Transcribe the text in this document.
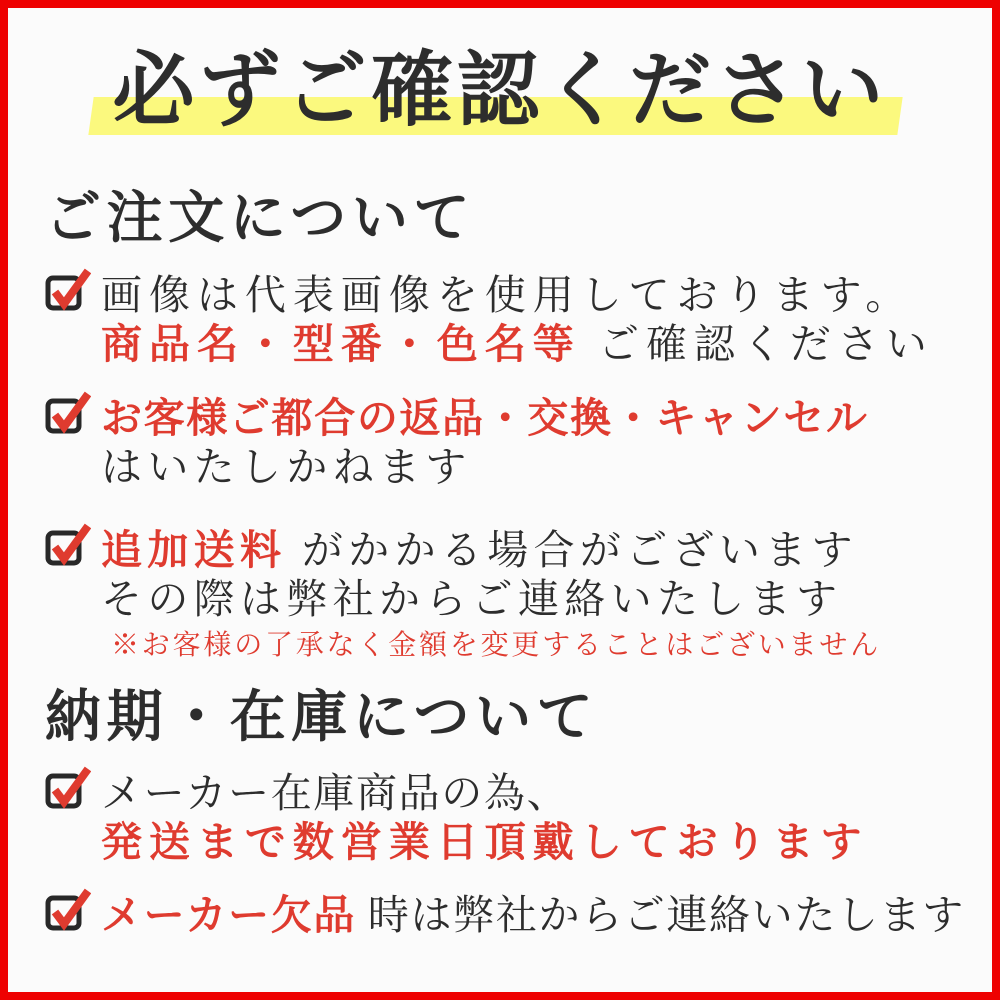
必ずご確認ください
ご注文について
画像は代表画像を使用しております。
商品名・型番・色名等 ご確認ください
お客様ご都合の返品・交換・キャンセル
はいたしかねます
追加送料 がかかる場合がございます
その際は弊社からご連絡いたします
※お客様の了承なく金額を変更することはございません
納期・在庫について
メーカー在庫商品の為、
発送まで数営業日頂戴しております
メーカー欠品 時は弊社からご連絡いたします
